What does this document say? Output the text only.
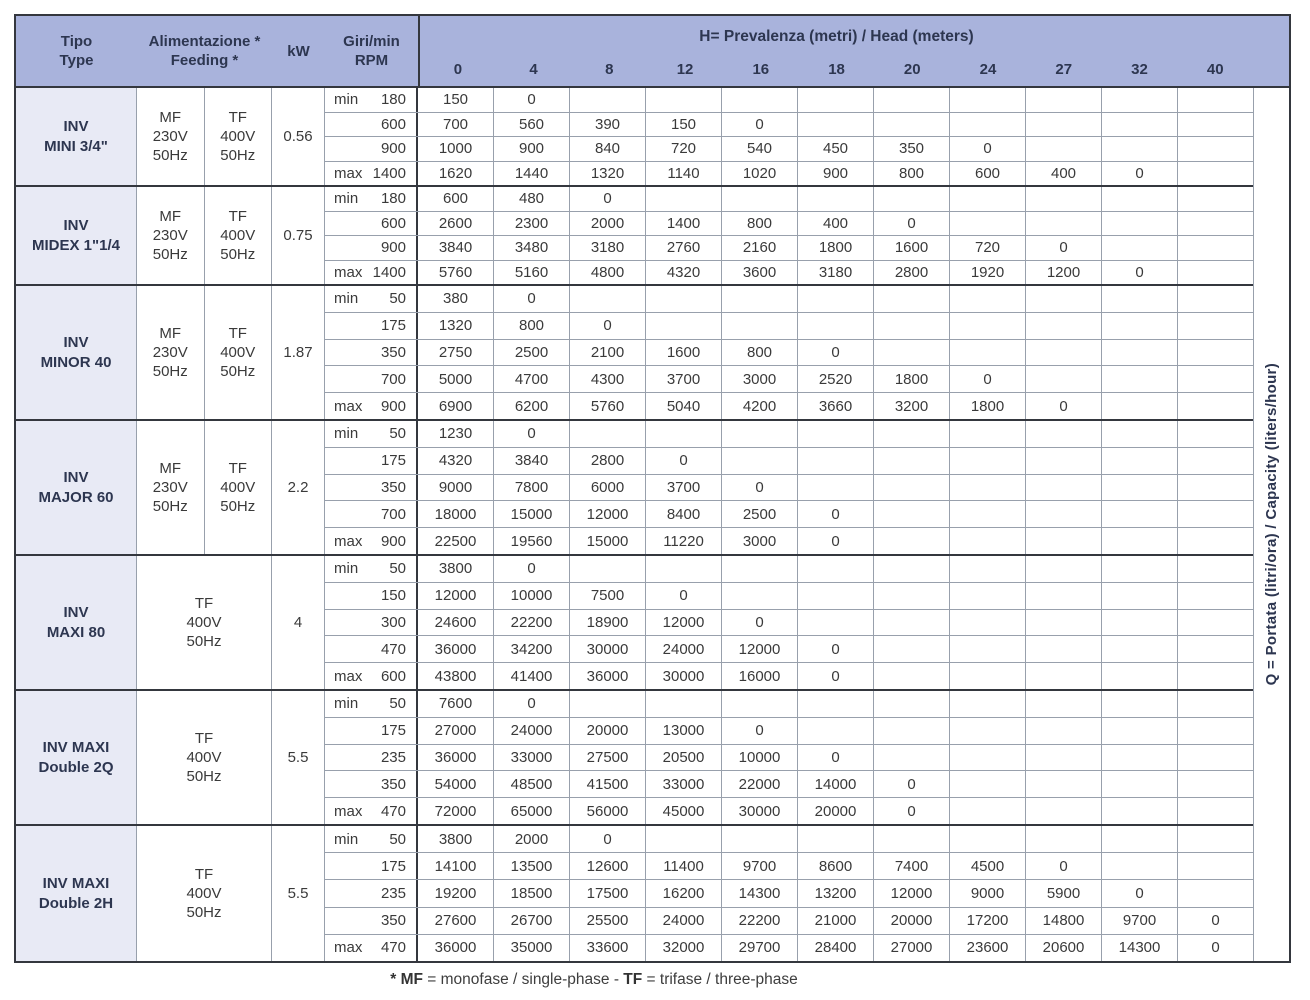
Tipo
Type
Alimentazione *
Feeding *
kW
Giri/min
RPM
H = Prevalenza (metri) / Head (meters)
0	4	8	12	16	18	20	24	27	32	40
INV
MINI 3/4"
MF
230V
50Hz
TF
400V
50Hz
0.56
min 180	150	0
600	700	560	390	150	0
900	1000	900	840	720	540	450	350	0
max 1400	1620	1440	1320	1140	1020	900	800	600	400	0
INV
MIDEX 1"1/4
MF
230V
50Hz
TF
400V
50Hz
0.75
min 180	600	480	0
600	2600	2300	2000	1400	800	400	0
900	3840	3480	3180	2760	2160	1800	1600	720	0
max 1400	5760	5160	4800	4320	3600	3180	2800	1920	1200	0
INV
MINOR 40
MF
230V
50Hz
TF
400V
50Hz
1.87
min 50	380	0
175	1320	800	0
350	2750	2500	2100	1600	800	0
700	5000	4700	4300	3700	3000	2520	1800	0
max 900	6900	6200	5760	5040	4200	3660	3200	1800	0
INV
MAJOR 60
MF
230V
50Hz
TF
400V
50Hz
2.2
min 50	1230	0
175	4320	3840	2800	0
350	9000	7800	6000	3700	0
700	18000	15000	12000	8400	2500	0
max 900	22500	19560	15000	11220	3000	0
INV
MAXI 80
TF
400V
50Hz
4
min 50	3800	0
150	12000	10000	7500	0
300	24600	22200	18900	12000	0
470	36000	34200	30000	24000	12000	0
max 600	43800	41400	36000	30000	16000	0
INV MAXI
Double 2Q
TF
400V
50Hz
5.5
min 50	7600	0
175	27000	24000	20000	13000	0
235	36000	33000	27500	20500	10000	0
350	54000	48500	41500	33000	22000	14000	0
max 470	72000	65000	56000	45000	30000	20000	0
INV MAXI
Double 2H
TF
400V
50Hz
5.5
min 50	3800	2000	0
175	14100	13500	12600	11400	9700	8600	7400	4500	0
235	19200	18500	17500	16200	14300	13200	12000	9000	5900	0
350	27600	26700	25500	24000	22200	21000	20000	17200	14800	9700	0
max 470	36000	35000	33600	32000	29700	28400	27000	23600	20600	14300	0
Q = Portata (litri/ora) / Capacity (liters/hour)
* MF = monofase / single-phase - TF = trifase / three-phase
